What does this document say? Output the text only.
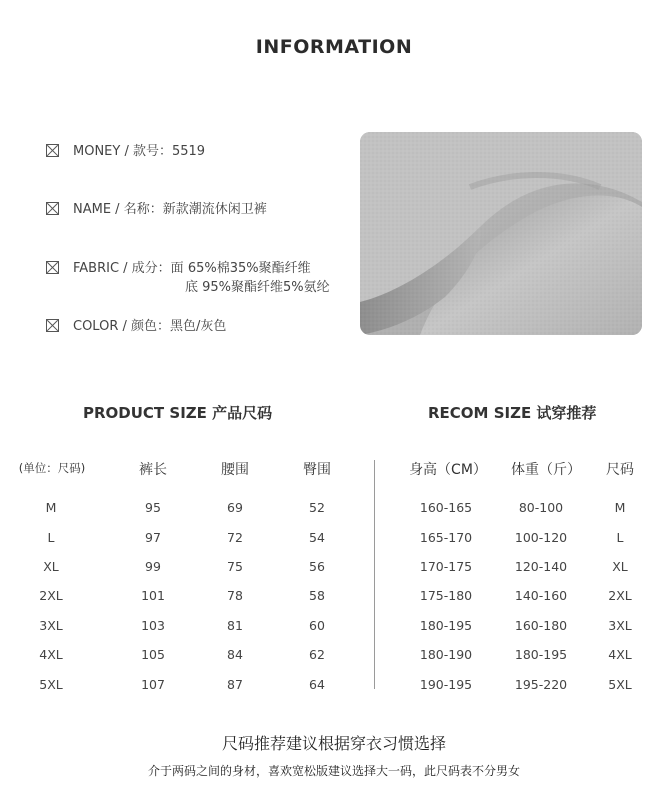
INFORMATION
MONEY / 款号：5519
NAME / 名称：新款潮流休闲卫裤
FABRIC / 成分：面 65%棉35%聚酯纤维
底 95%聚酯纤维5%氨纶
COLOR / 颜色：黑色/灰色
PRODUCT SIZE 产品尺码	RECOM SIZE 试穿推荐
(单位：尺码)	裤长	腰围	臀围
M	95	69	52
L	97	72	54
XL	99	75	56
2XL	101	78	58
3XL	103	81	60
4XL	105	84	62
5XL	107	87	64
身高（CM）	体重（斤）	尺码
160-165	80-100	M
165-170	100-120	L
170-175	120-140	XL
175-180	140-160	2XL
180-195	160-180	3XL
180-190	180-195	4XL
190-195	195-220	5XL
尺码推荐建议根据穿衣习惯选择
介于两码之间的身材，喜欢宽松版建议选择大一码，此尺码表不分男女
